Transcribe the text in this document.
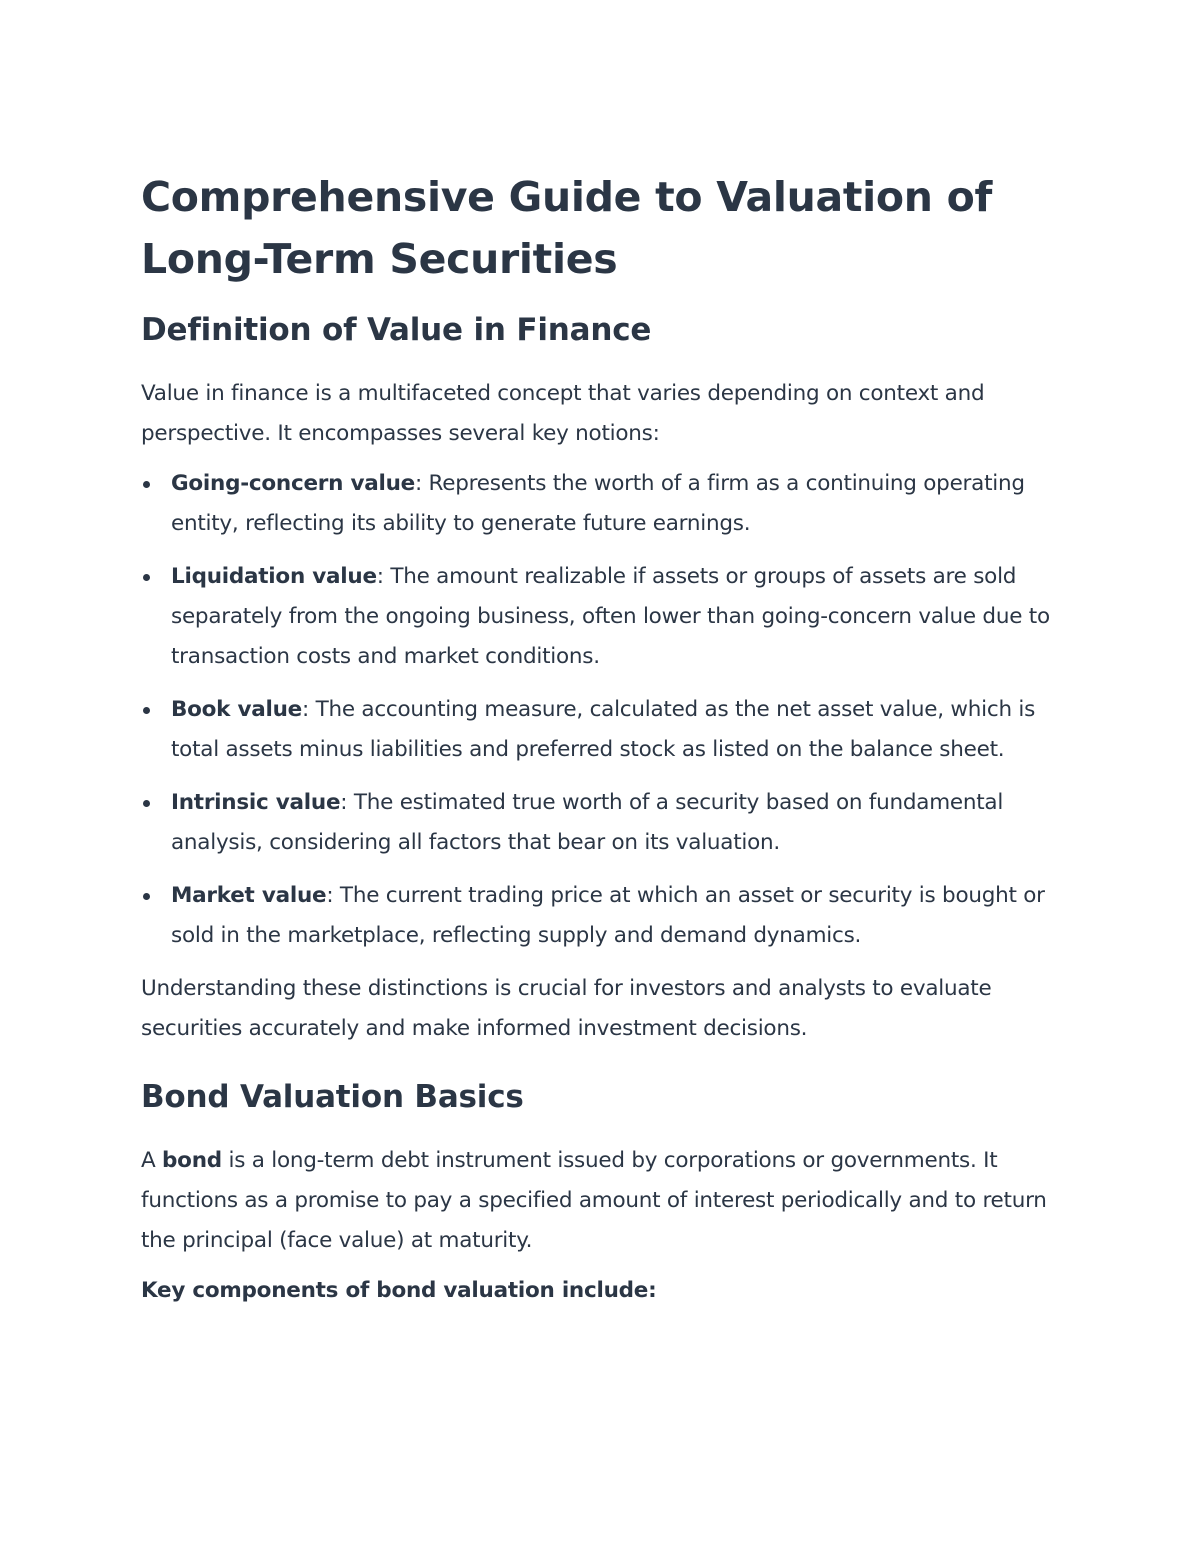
Comprehensive Guide to Valuation of Long-Term Securities
Definition of Value in Finance

Value in finance is a multifaceted concept that varies depending on context and perspective. It encompasses several key notions:

Going-concern value: Represents the worth of a firm as a continuing operating entity, reflecting its ability to generate future earnings.
Liquidation value: The amount realizable if assets or groups of assets are sold separately from the ongoing business, often lower than going-concern value due to transaction costs and market conditions.
Book value: The accounting measure, calculated as the net asset value, which is total assets minus liabilities and preferred stock as listed on the balance sheet.
Intrinsic value: The estimated true worth of a security based on fundamental analysis, considering all factors that bear on its valuation.
Market value: The current trading price at which an asset or security is bought or sold in the marketplace, reflecting supply and demand dynamics.

Understanding these distinctions is crucial for investors and analysts to evaluate securities accurately and make informed investment decisions.

Bond Valuation Basics

A bond is a long-term debt instrument issued by corporations or governments. It functions as a promise to pay a specified amount of interest periodically and to return the principal (face value) at maturity.

Key components of bond valuation include:
